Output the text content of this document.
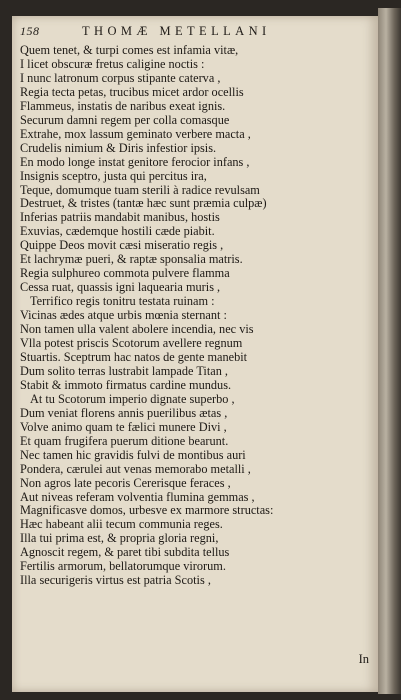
158	THOMÆ METELLANI
Quem tenet, & turpi comes est infamia vitæ,
I licet obscuræ fretus caligine noctis :
I nunc latronum corpus stipante caterva ,
Regia tecta petas, trucibus micet ardor ocellis
Flammeus, instatis de naribus exeat ignis.
Securum damni regem per colla comasque
Extrahe, mox lassum geminato verbere macta ,
Crudelis nimium & Diris infestior ipsis.
En modo longe instat genitore ferocior infans ,
Insignis sceptro, justa qui percitus ira,
Teque, domumque tuam sterili à radice revulsam
Destruet, & tristes (tantæ hæc sunt præmia culpæ)
Inferias patriis mandabit manibus, hostis
Exuvias, cædemque hostili cæde piabit.
Quippe Deos movit cæsi miseratio regis ,
Et lachrymæ pueri, & raptæ sponsalia matris.
Regia sulphureo commota pulvere flamma
Cessa ruat, quassis igni laquearia muris ,
Terrifico regis tonitru testata ruinam :
Vicinas ædes atque urbis mœnia sternant :
Non tamen ulla valent abolere incendia, nec vis
Vlla potest priscis Scotorum avellere regnum
Stuartis. Sceptrum hac natos de gente manebit
Dum solito terras lustrabit lampade Titan ,
Stabit & immoto firmatus cardine mundus.
At tu Scotorum imperio dignate superbo ,
Dum veniat florens annis puerilibus ætas ,
Volve animo quam te fælici munere Divi ,
Et quam frugifera puerum ditione bearunt.
Nec tamen hic gravidis fulvi de montibus auri
Pondera, cærulei aut venas memorabo metalli ,
Non agros late pecoris Cererisque feraces ,
Aut niveas referam volventia flumina gemmas ,
Magnificasve domos, urbesve ex marmore structas:
Hæc habeant alii tecum communia reges.
Illa tui prima est, & propria gloria regni,
Agnoscit regem, & paret tibi subdita tellus
Fertilis armorum, bellatorumque virorum.
Illa securigeris virtus est patria Scotis ,
In
